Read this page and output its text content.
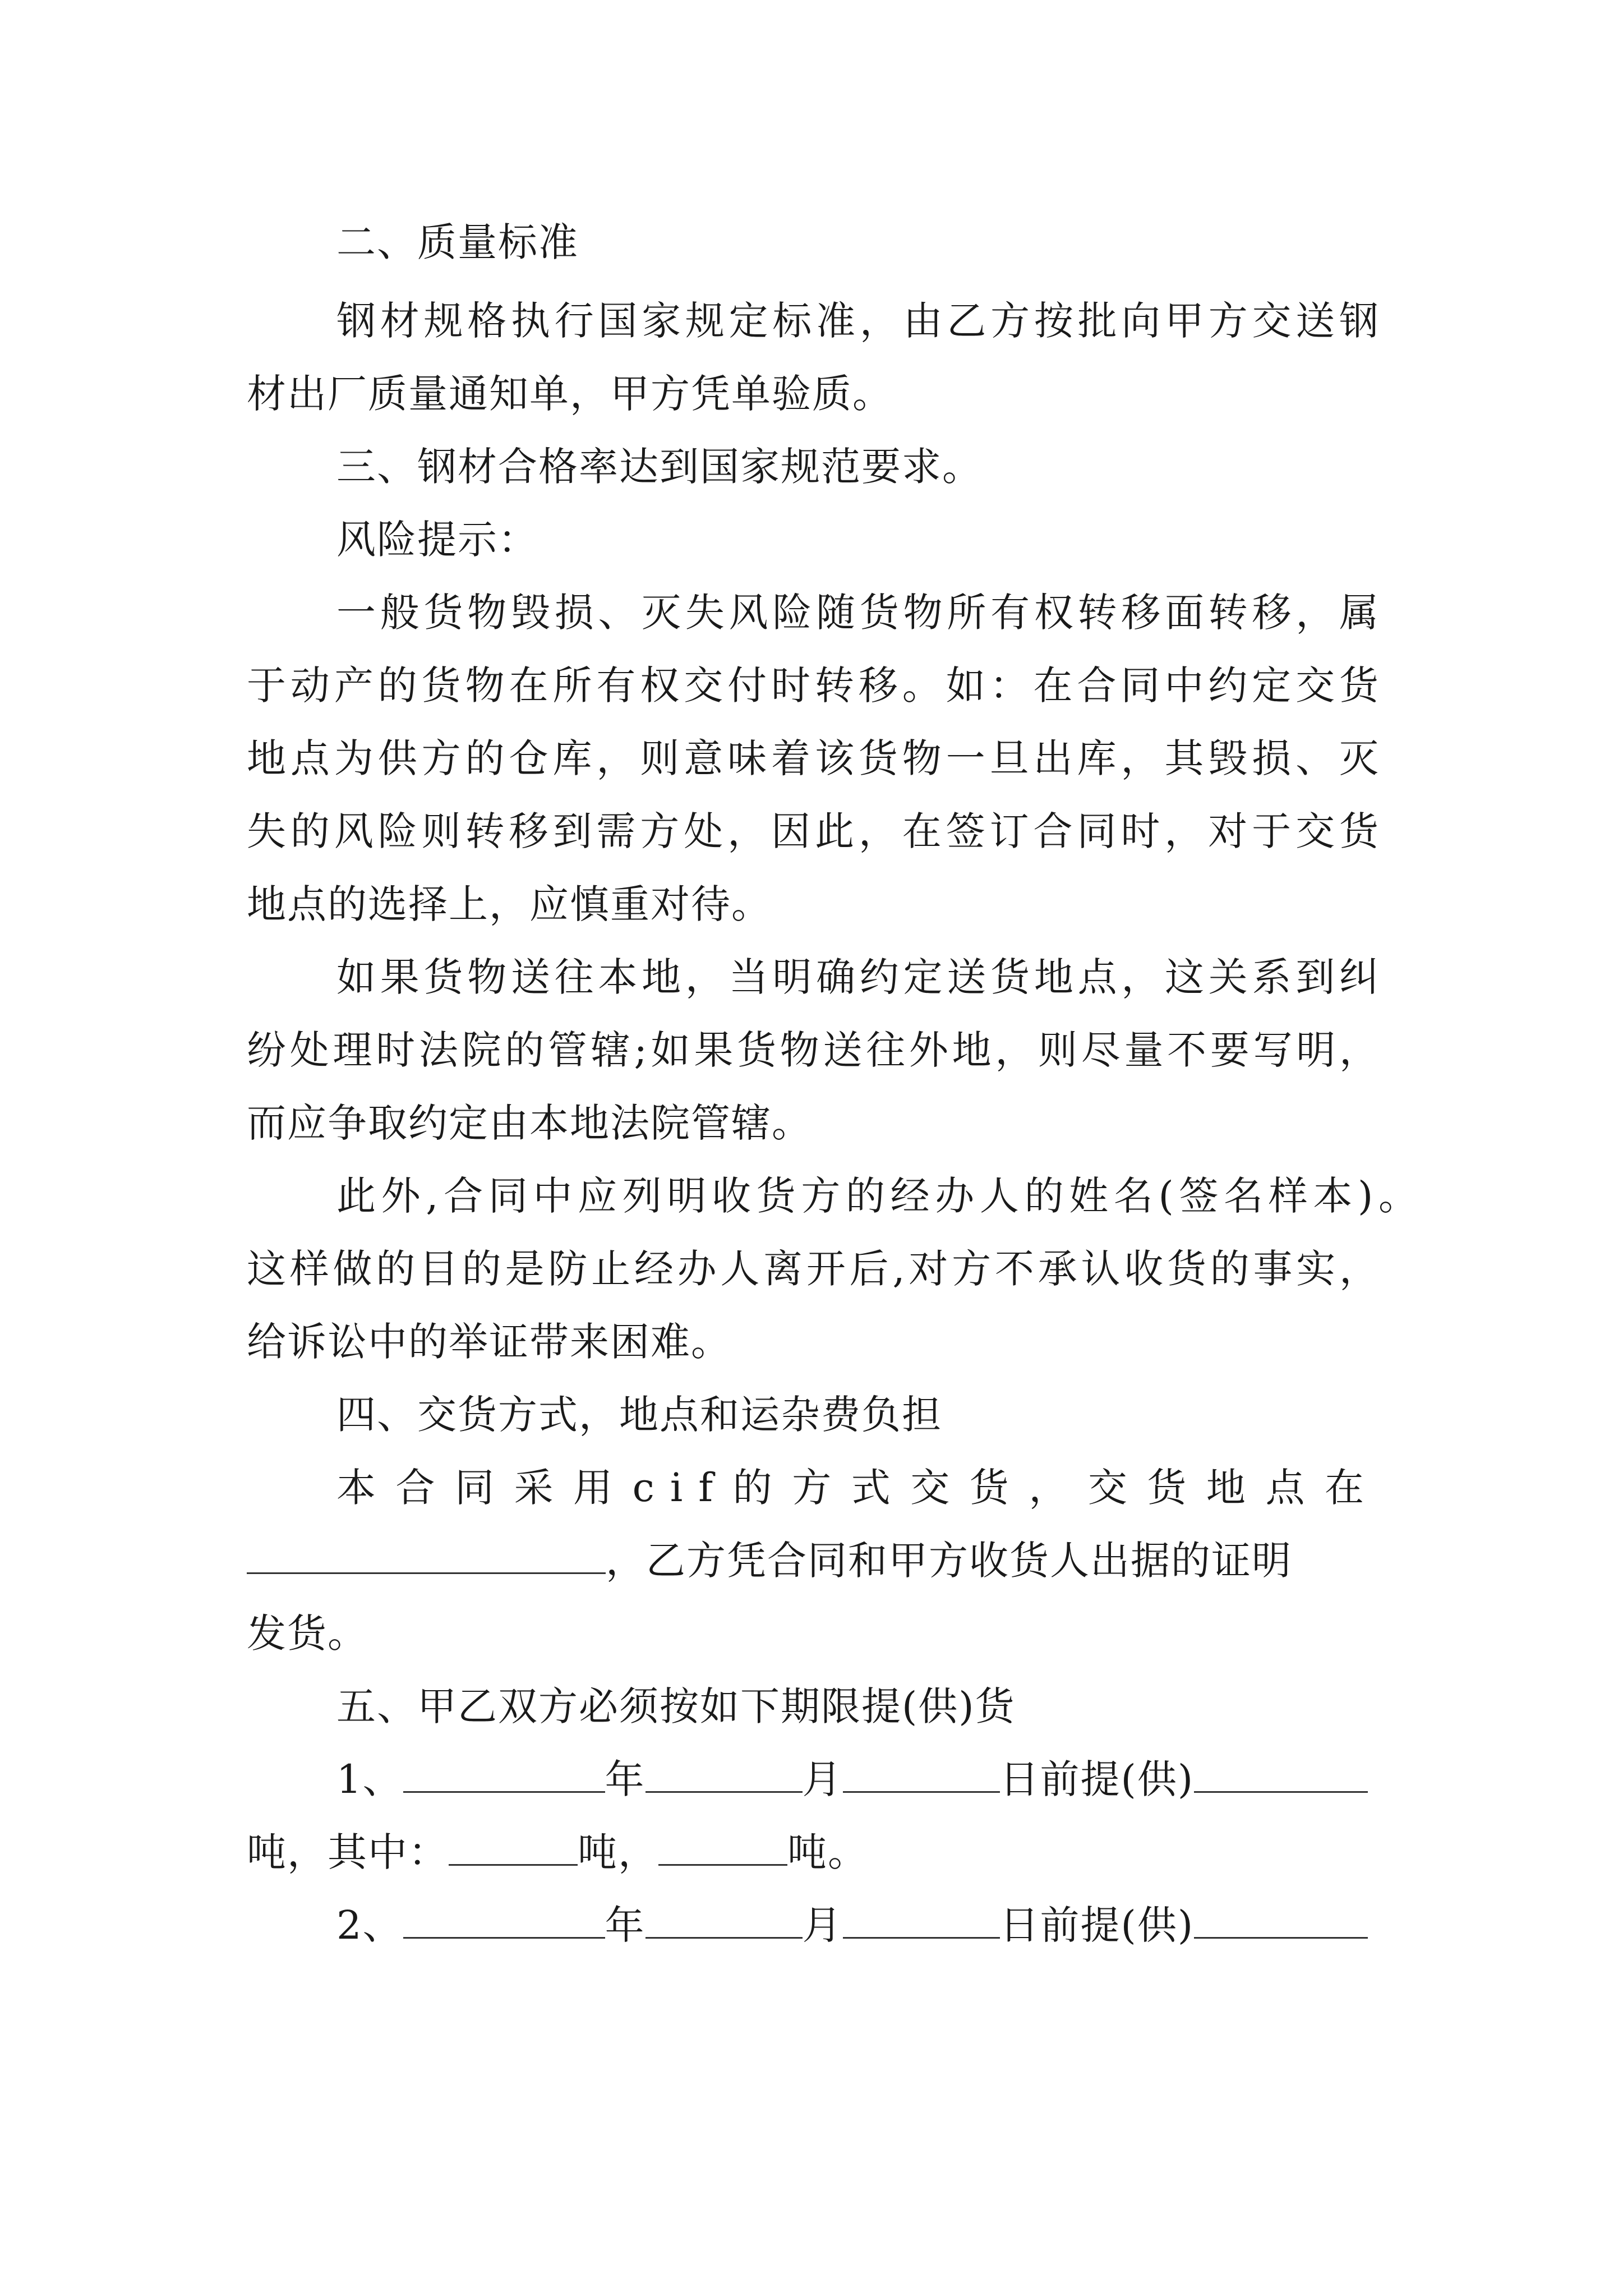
二、质量标准
钢材规格执行国家规定标准，由乙方按批向甲方交送钢
材出厂质量通知单，甲方凭单验质。
三、钢材合格率达到国家规范要求。
风险提示：
一般货物毁损、灭失风险随货物所有权转移面转移，属
于动产的货物在所有权交付时转移。如：在合同中约定交货
地点为供方的仓库，则意味着该货物一旦出库，其毁损、灭
失的风险则转移到需方处，因此，在签订合同时，对于交货
地点的选择上，应慎重对待。
如果货物送往本地，当明确约定送货地点，这关系到纠
纷处理时法院的管辖;如果货物送往外地，则尽量不要写明，
而应争取约定由本地法院管辖。
此外,合同中应列明收货方的经办人的姓名(签名样本)。
这样做的目的是防止经办人离开后,对方不承认收货的事实，
给诉讼中的举证带来困难。
四、交货方式，地点和运杂费负担
本合同采用cif的方式交货，交货地点在
，乙方凭合同和甲方收货人出据的证明
发货。
五、甲乙双方必须按如下期限提(供)货
1、	年	月	日前提(供)
吨，其中：	吨，	吨。
2、	年	月	日前提(供)
